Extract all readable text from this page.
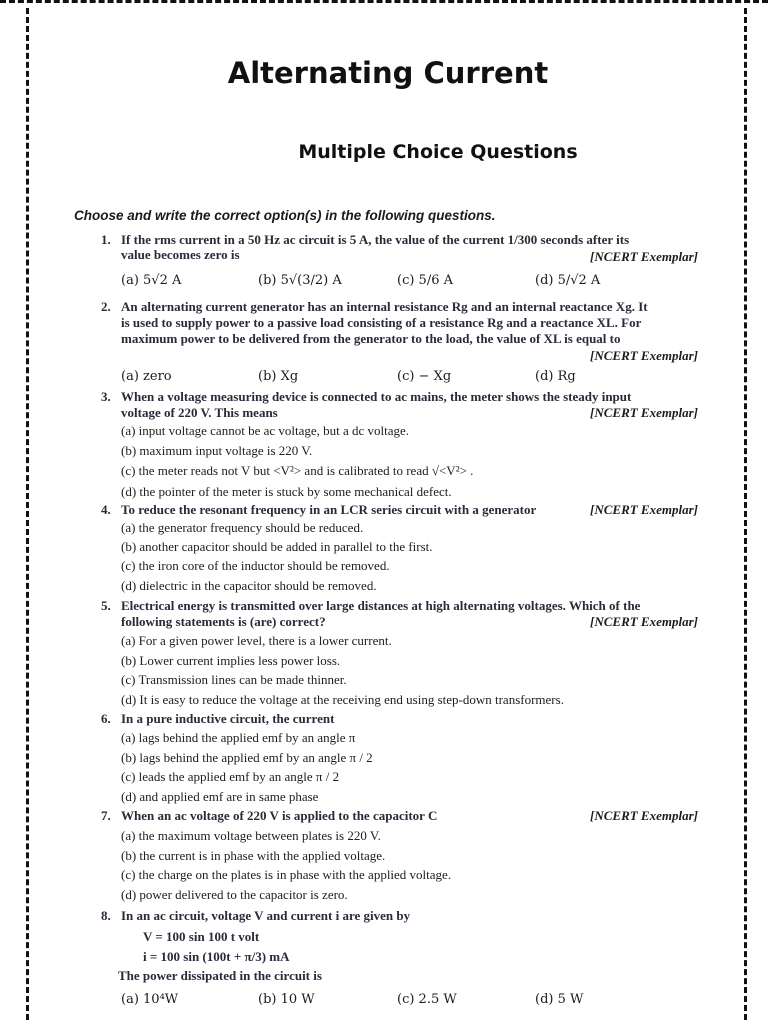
Alternating Current
Multiple Choice Questions
Choose and write the correct option(s) in the following questions.
1. If the rms current in a 50 Hz ac circuit is 5 A, the value of the current 1/300 seconds after its
value becomes zero is	[NCERT Exemplar]
(a) 5√2 A	(b) 5√(3/2) A	(c) 5/6 A	(d) 5/√2 A
2. An alternating current generator has an internal resistance Rg and an internal reactance Xg. It
is used to supply power to a passive load consisting of a resistance Rg and a reactance XL. For
maximum power to be delivered from the generator to the load, the value of XL is equal to
[NCERT Exemplar]
(a) zero	(b) Xg	(c) − Xg	(d) Rg
3. When a voltage measuring device is connected to ac mains, the meter shows the steady input
voltage of 220 V. This means	[NCERT Exemplar]
(a) input voltage cannot be ac voltage, but a dc voltage.
(b) maximum input voltage is 220 V.
(c) the meter reads not V but <V²> and is calibrated to read √<V²> .
(d) the pointer of the meter is stuck by some mechanical defect.
4. To reduce the resonant frequency in an LCR series circuit with a generator	[NCERT Exemplar]
(a) the generator frequency should be reduced.
(b) another capacitor should be added in parallel to the first.
(c) the iron core of the inductor should be removed.
(d) dielectric in the capacitor should be removed.
5. Electrical energy is transmitted over large distances at high alternating voltages. Which of the
following statements is (are) correct?	[NCERT Exemplar]
(a) For a given power level, there is a lower current.
(b) Lower current implies less power loss.
(c) Transmission lines can be made thinner.
(d) It is easy to reduce the voltage at the receiving end using step-down transformers.
6. In a pure inductive circuit, the current
(a) lags behind the applied emf by an angle π
(b) lags behind the applied emf by an angle π / 2
(c) leads the applied emf by an angle π / 2
(d) and applied emf are in same phase
7. When an ac voltage of 220 V is applied to the capacitor C	[NCERT Exemplar]
(a) the maximum voltage between plates is 220 V.
(b) the current is in phase with the applied voltage.
(c) the charge on the plates is in phase with the applied voltage.
(d) power delivered to the capacitor is zero.
8. In an ac circuit, voltage V and current i are given by
V = 100 sin 100 t volt
i = 100 sin (100t + π/3) mA
The power dissipated in the circuit is
(a) 10⁴W	(b) 10 W	(c) 2.5 W	(d) 5 W
